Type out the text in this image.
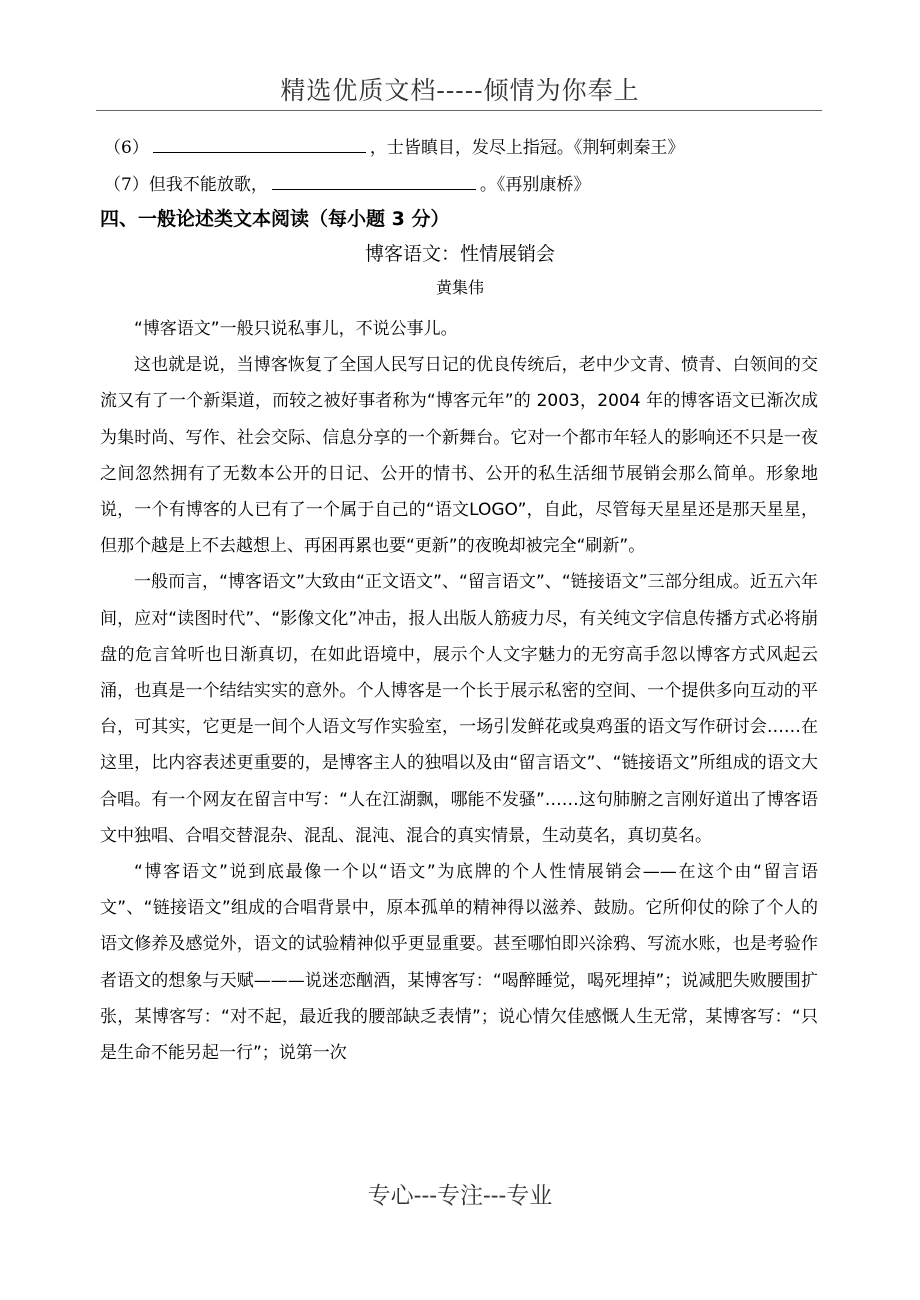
精选优质文档-----倾情为你奉上
（6）	，士皆瞋目，发尽上指冠。《荆轲刺秦王》
（7）但我不能放歌，	。《再别康桥》
四、一般论述类文本阅读（每小题 3 分）
博客语文：性情展销会
黄集伟

“博客语文”一般只说私事儿，不说公事儿。

这也就是说，当博客恢复了全国人民写日记的优良传统后，老中少文青、愤青、白领间的交流又有了一个新渠道，而较之被好事者称为“博客元年”的 2003，2004 年的博客语文已渐次成为集时尚、写作、社会交际、信息分享的一个新舞台。它对一个都市年轻人的影响还不只是一夜之间忽然拥有了无数本公开的日记、公开的情书、公开的私生活细节展销会那么简单。形象地说，一个有博客的人已有了一个属于自己的“语文LOGO”，自此，尽管每天星星还是那天星星，但那个越是上不去越想上、再困再累也要“更新”的夜晚却被完全“刷新”。

一般而言，“博客语文”大致由“正文语文”、“留言语文”、“链接语文”三部分组成。近五六年间，应对“读图时代”、“影像文化”冲击，报人出版人筋疲力尽，有关纯文字信息传播方式必将崩盘的危言耸听也日渐真切，在如此语境中，展示个人文字魅力的无穷高手忽以博客方式风起云涌，也真是一个结结实实的意外。个人博客是一个长于展示私密的空间、一个提供多向互动的平台，可其实，它更是一间个人语文写作实验室，一场引发鲜花或臭鸡蛋的语文写作研讨会……在这里，比内容表述更重要的，是博客主人的独唱以及由“留言语文”、“链接语文”所组成的语文大合唱。有一个网友在留言中写：“人在江湖飘，哪能不发骚”……这句肺腑之言刚好道出了博客语文中独唱、合唱交替混杂、混乱、混沌、混合的真实情景，生动莫名，真切莫名。

“博客语文”说到底最像一个以“语文”为底牌的个人性情展销会——在这个由“留言语文”、“链接语文”组成的合唱背景中，原本孤单的精神得以滋养、鼓励。它所仰仗的除了个人的语文修养及感觉外，语文的试验精神似乎更显重要。甚至哪怕即兴涂鸦、写流水账，也是考验作者语文的想象与天赋———说迷恋酗酒，某博客写：“喝醉睡觉，喝死埋掉”；说减肥失败腰围扩张，某博客写：“对不起，最近我的腰部缺乏表情”；说心情欠佳感慨人生无常，某博客写：“只是生命不能另起一行”；说第一次

专心---专注---专业
